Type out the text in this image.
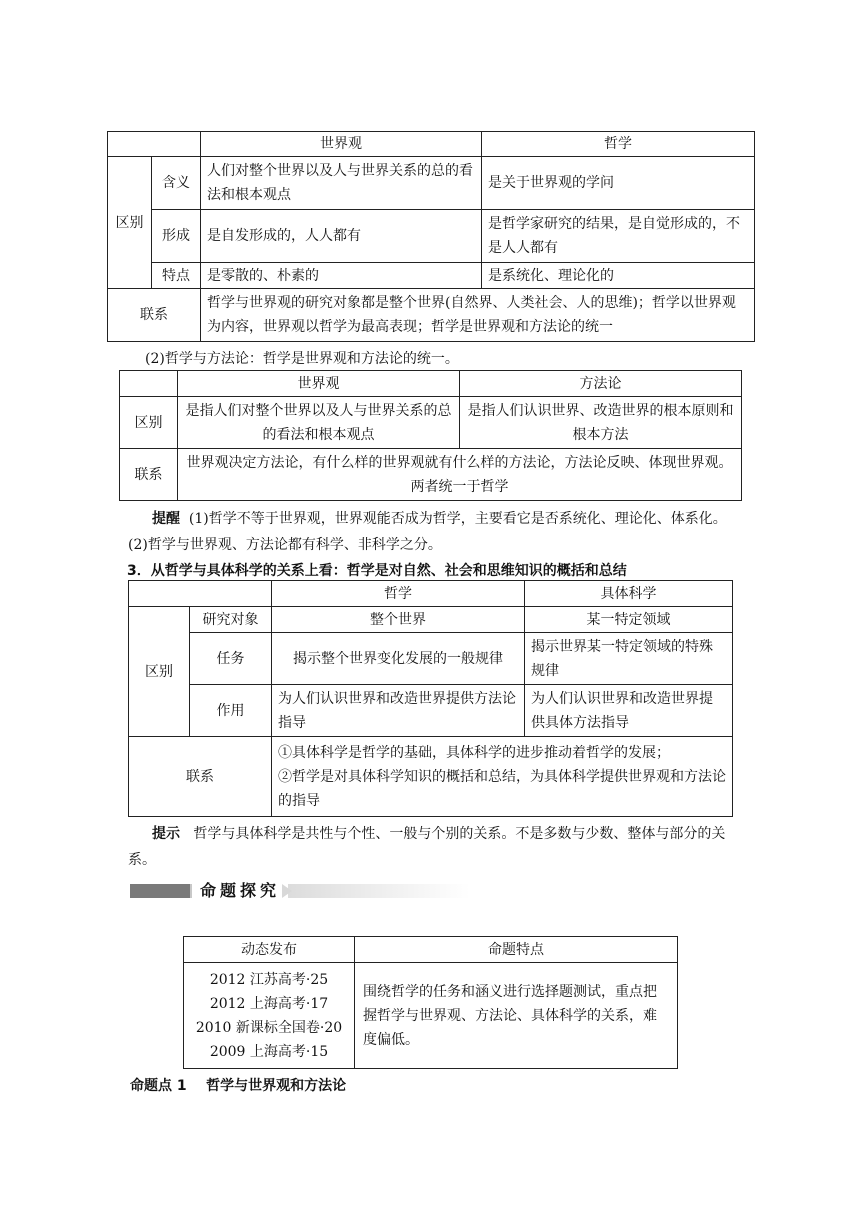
		世界观	哲学
区别	含义	人们对整个世界以及人与世界关系的总的看法和根本观点	是关于世界观的学问
	形成	是自发形成的，人人都有	是哲学家研究的结果，是自觉形成的，不是人人都有
	特点	是零散的、朴素的	是系统化、理论化的
联系		哲学与世界观的研究对象都是整个世界(自然界、人类社会、人的思维)；哲学以世界观为内容，世界观以哲学为最高表现；哲学是世界观和方法论的统一	
(2)哲学与方法论：哲学是世界观和方法论的统一。
	世界观	方法论
区别	是指人们对整个世界以及人与世界关系的总的看法和根本观点	是指人们认识世界、改造世界的根本原则和根本方法
联系	世界观决定方法论，有什么样的世界观就有什么样的方法论，方法论反映、体现世界观。两者统一于哲学	
提醒 (1)哲学不等于世界观，世界观能否成为哲学，主要看它是否系统化、理论化、体系化。(2)哲学与世界观、方法论都有科学、非科学之分。
3．从哲学与具体科学的关系上看：哲学是对自然、社会和思维知识的概括和总结
		哲学	具体科学
区别	研究对象	整个世界	某一特定领域
	任务	揭示整个世界变化发展的一般规律	揭示世界某一特定领域的特殊规律
	作用	为人们认识世界和改造世界提供方法论指导	为人们认识世界和改造世界提供具体方法指导
联系		①具体科学是哲学的基础，具体科学的进步推动着哲学的发展；
②哲学是对具体科学知识的概括和总结，为具体科学提供世界观和方法论的指导	
提示 哲学与具体科学是共性与个性、一般与个别的关系。不是多数与少数、整体与部分的关系。
命题探究
动态发布	命题特点

2012 江苏高考·25
2012 上海高考·17
2010 新课标全国卷·20
2009 上海高考·15	围绕哲学的任务和涵义进行选择题测试，重点把握哲学与世界观、方法论、具体科学的关系，难度偏低。
命题点 1 哲学与世界观和方法论
